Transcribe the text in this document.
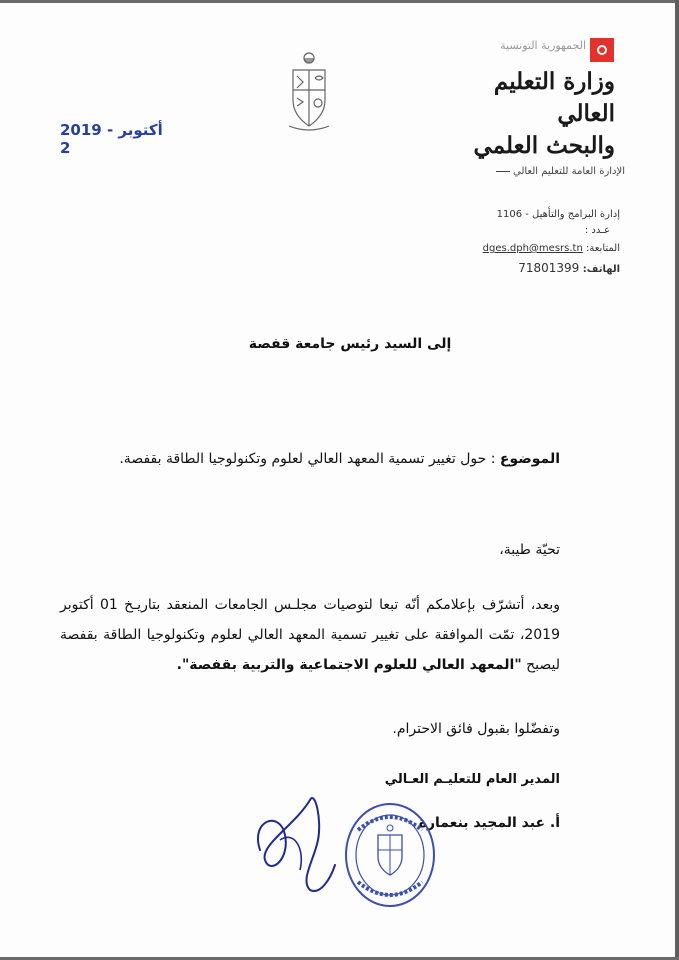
الجمهورية التونسية
وزارة التعليم العالي
والبحث العلمي
الإدارة العامة للتعليم العالي
2019 أكتوبر - 2
إدارة البرامج والتأهيل - 1106
عـدد :
المتابعة: dges.dph@mesrs.tn
الهاتف: 71801399
إلى السيد رئيس جامعة قفصة
الموضوع : حول تغيير تسمية المعهد العالي لعلوم وتكنولوجيا الطاقة بقفصة.
تحيّة طيبة،
وبعد، أتشرّف بإعلامكم أنّه تبعا لتوصيات مجلـس الجامعات المنعقد بتاريـخ 01 أكتوبر 2019، تمّت الموافقة على تغيير تسمية المعهد العالي لعلوم وتكنولوجيا الطاقة بقفصة ليصبح "المعهد العالي للعلوم الاجتماعية والتربية بقفصة".
وتفضّلوا بقبول فائق الاحترام.
المدير العام للتعليـم العـالي
أ. عبد المجيد بنعمارة
